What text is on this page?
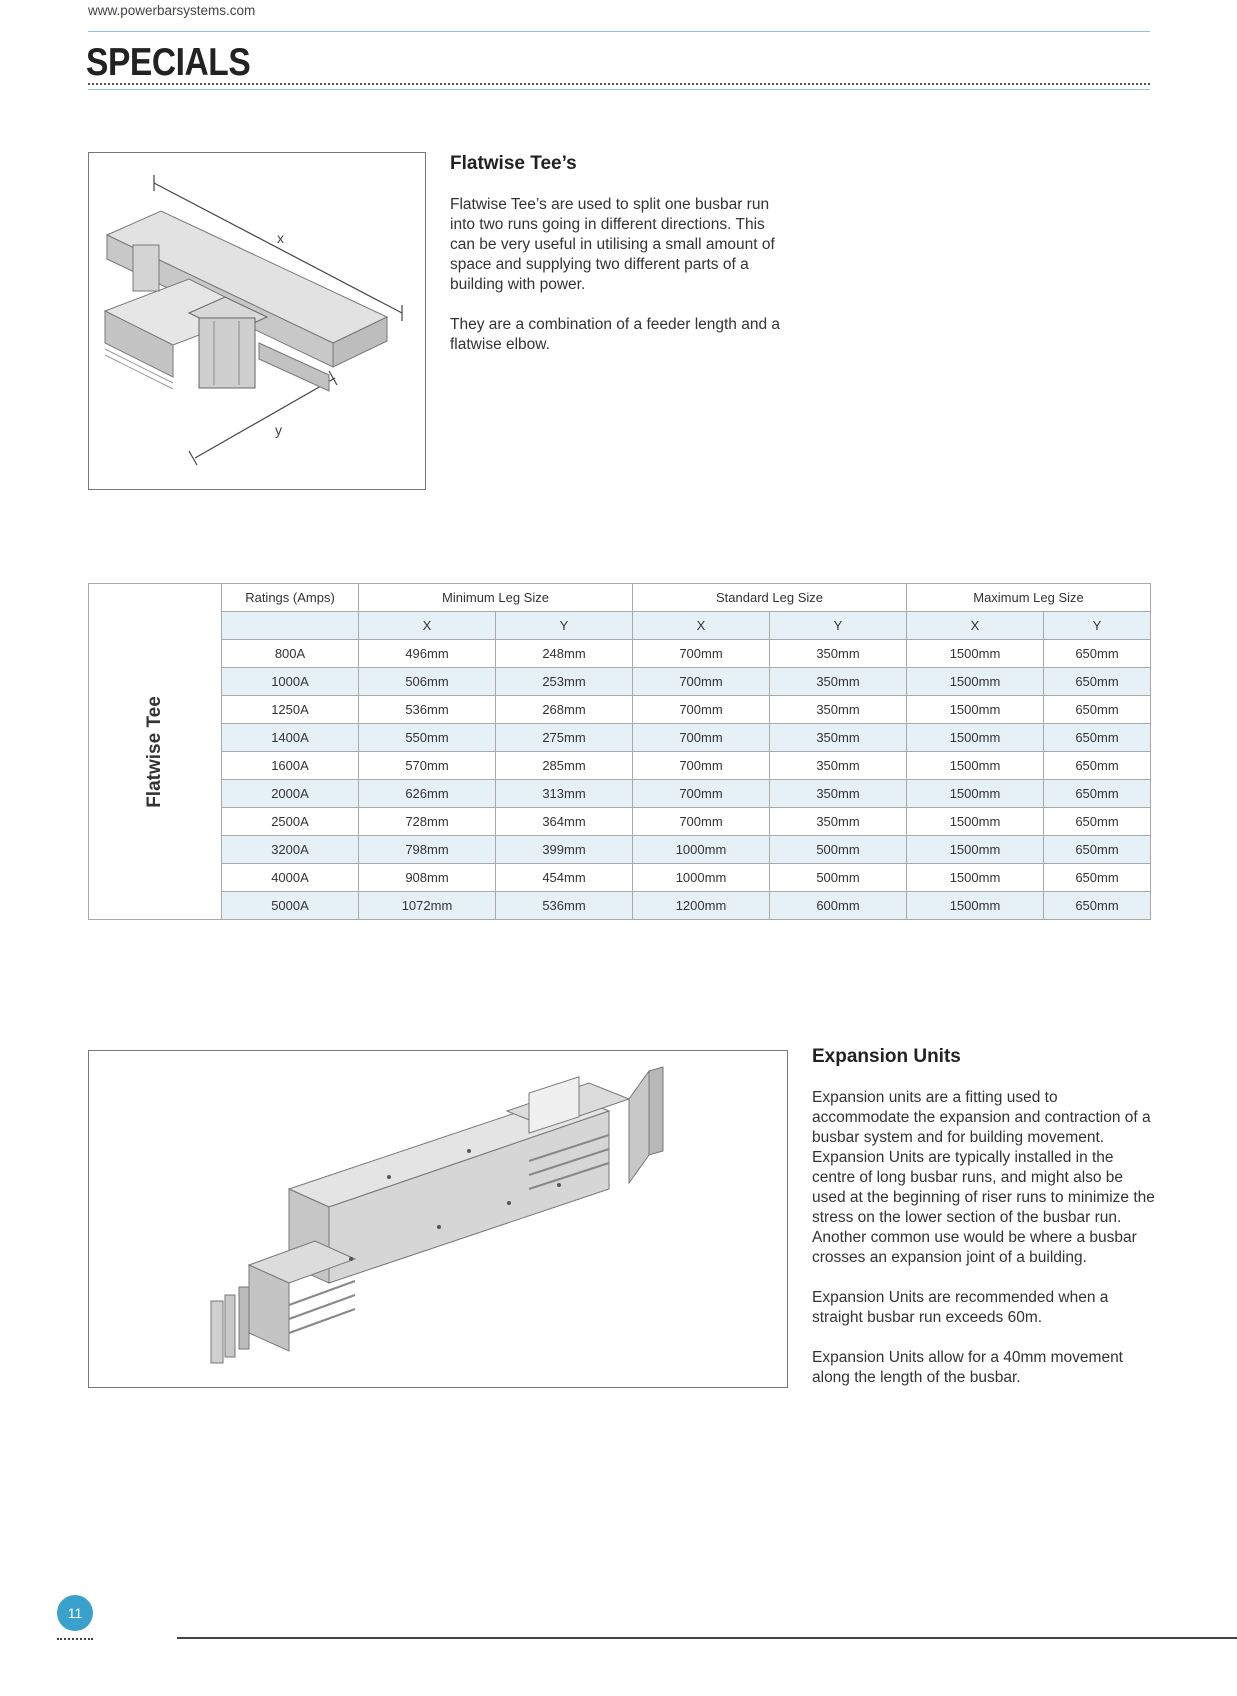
www.powerbarsystems.com
SPECIALS
x
y
Flatwise Tee’s

Flatwise Tee’s are used to split one busbar run into two runs going in different directions. This can be very useful in utilising a small amount of space and supplying two different parts of a building with power.

They are a combination of a feeder length and a flatwise elbow.

Flatwise Tee	Ratings (Amps)	Minimum Leg Size		Standard Leg Size		Maximum Leg Size	
		X	Y	X	Y	X	Y
	800A	496mm	248mm	700mm	350mm	1500mm	650mm
	1000A	506mm	253mm	700mm	350mm	1500mm	650mm
	1250A	536mm	268mm	700mm	350mm	1500mm	650mm
	1400A	550mm	275mm	700mm	350mm	1500mm	650mm
	1600A	570mm	285mm	700mm	350mm	1500mm	650mm
	2000A	626mm	313mm	700mm	350mm	1500mm	650mm
	2500A	728mm	364mm	700mm	350mm	1500mm	650mm
	3200A	798mm	399mm	1000mm	500mm	1500mm	650mm
	4000A	908mm	454mm	1000mm	500mm	1500mm	650mm
	5000A	1072mm	536mm	1200mm	600mm	1500mm	650mm
Expansion Units

Expansion units are a fitting used to accommodate the expansion and contraction of a busbar system and for building movement. Expansion Units are typically installed in the centre of long busbar runs, and might also be used at the beginning of riser runs to minimize the stress on the lower section of the busbar run. Another common use would be where a busbar crosses an expansion joint of a building.

Expansion Units are recommended when a straight busbar run exceeds 60m.

Expansion Units allow for a 40mm movement along the length of the busbar.

11
